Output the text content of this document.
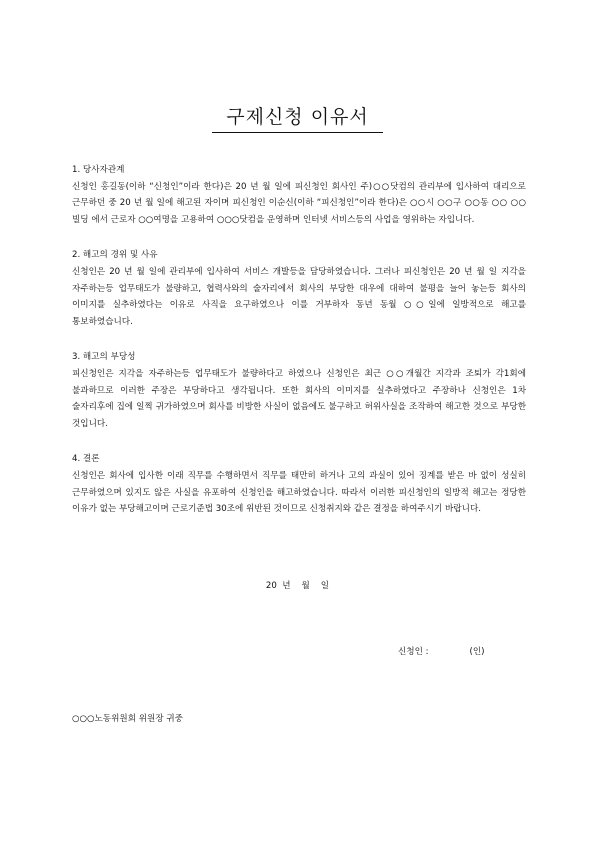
구제신청 이유서

1. 당사자관계

신청인 홍길동(이하 “신청인”이라 한다)은 20 년 월 일에 피신청인 회사인 주)○○닷컴의 관리부에 입사하여 대리으로 근무하던 중 20 년 월 일에 해고된 자이며 피신청인 이순신(이하 “피신청인”이라 한다)은 ○○시 ○○구 ○○동 ○○ ○○빌딩 에서 근로자 ○○여명을 고용하여 ○○○닷컴을 운영하며 인터넷 서비스등의 사업을 영위하는 자입니다.

2. 해고의 경위 및 사유

신청인은 20 년 월 일에 관리부에 입사하여 서비스 개발등을 담당하였습니다. 그러나 피신청인은 20 년 월 일 지각을 자주하는등 업무태도가 불량하고, 협력사와의 술자리에서 회사의 부당한 대우에 대하여 불평을 늘어 놓는등 회사의 이미지를 실추하였다는 이유로 사직을 요구하였으나 이를 거부하자 동년 동월 ○○일에 일방적으로 해고를 통보하였습니다.

3. 해고의 부당성

피신청인은 지각을 자주하는등 업무태도가 불량하다고 하였으나 신청인은 최근 ○○개월간 지각과 조퇴가 각1회에 불과하므로 이러한 주장은 부당하다고 생각됩니다. 또한 회사의 이미지를 실추하였다고 주장하나 신청인은 1차 술자리후에 집에 일찍 귀가하였으며 회사를 비방한 사실이 없음에도 불구하고 허위사실을 조작하여 해고한 것으로 부당한 것입니다.

4. 결론

신청인은 회사에 입사한 이래 직무를 수행하면서 직무를 태만히 하거나 고의 과실이 있어 징계를 받은 바 없이 성실히 근무하였으며 있지도 않은 사실을 유포하여 신청인을 해고하였습니다. 따라서 이러한 피신청인의 일방적 해고는 정당한 이유가 없는 부당해고이며 근로기준법 30조에 위반된 것이므로 신청취지와 같은 결정을 하여주시기 바랍니다.

20  년    월    일
신청인 :               (인)
○○○노동위원회 위원장 귀중
